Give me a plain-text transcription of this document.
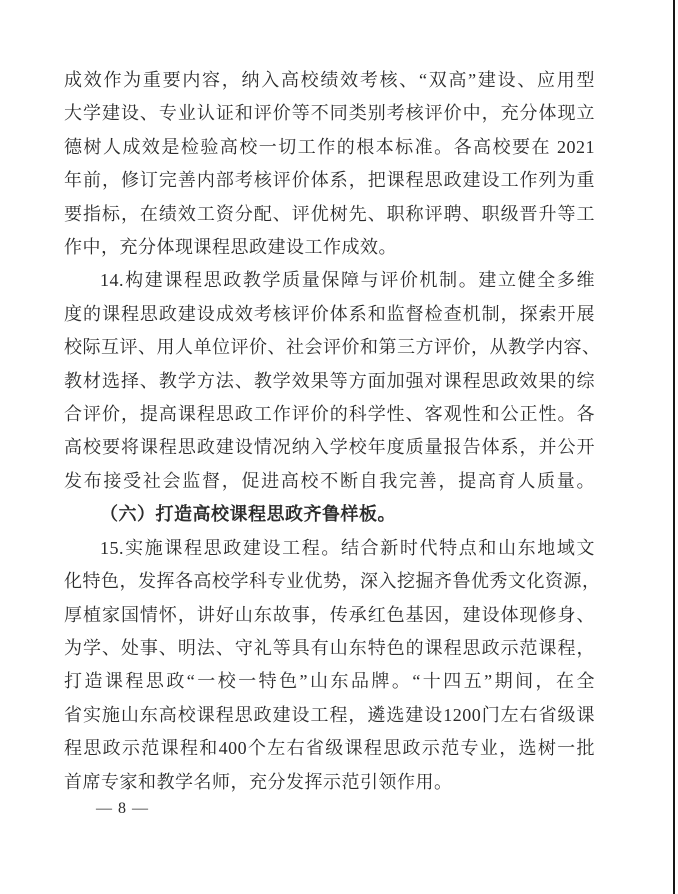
成效作为重要内容，纳入高校绩效考核、“双高”建设、应用型
大学建设、专业认证和评价等不同类别考核评价中，充分体现立
德树人成效是检验高校一切工作的根本标准。各高校要在 2021
年前，修订完善内部考核评价体系，把课程思政建设工作列为重
要指标，在绩效工资分配、评优树先、职称评聘、职级晋升等工
作中，充分体现课程思政建设工作成效。
14.构建课程思政教学质量保障与评价机制。建立健全多维
度的课程思政建设成效考核评价体系和监督检查机制，探索开展
校际互评、用人单位评价、社会评价和第三方评价，从教学内容、
教材选择、教学方法、教学效果等方面加强对课程思政效果的综
合评价，提高课程思政工作评价的科学性、客观性和公正性。各
高校要将课程思政建设情况纳入学校年度质量报告体系，并公开
发布接受社会监督，促进高校不断自我完善，提高育人质量。
（六）打造高校课程思政齐鲁样板。
15.实施课程思政建设工程。结合新时代特点和山东地域文
化特色，发挥各高校学科专业优势，深入挖掘齐鲁优秀文化资源，
厚植家国情怀，讲好山东故事，传承红色基因，建设体现修身、
为学、处事、明法、守礼等具有山东特色的课程思政示范课程，
打造课程思政“一校一特色”山东品牌。“十四五”期间，在全
省实施山东高校课程思政建设工程，遴选建设1200门左右省级课
程思政示范课程和400个左右省级课程思政示范专业，选树一批
首席专家和教学名师，充分发挥示范引领作用。
— 8 —
